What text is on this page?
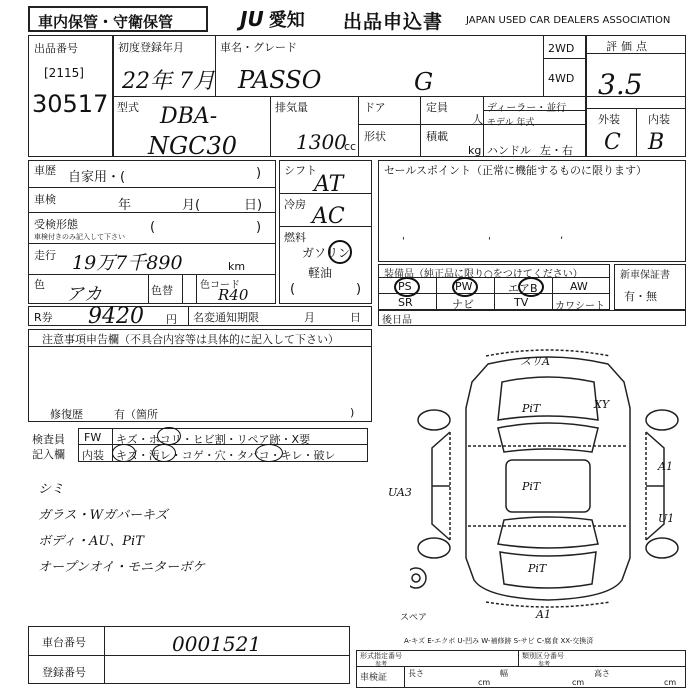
車内保管・守衛保管	JU 愛知 出品申込書 JAPAN USED CAR DEALERS ASSOCIATION
出品番号
[2115]
30517
初度登録年月
22年 7月
車名・グレード
PASSO	G
2WD
4WD
評価点
3.5
型式 DBA-
NGC30
排気量
1300
cc
ドア	定員
人
形状	積載
kg
ディーラー・並行
モデル 年式
ハンドル 左・右
外装	内装
C B
車歴 自家用・(	)
車検	年	月(	日)
受検形態
車検付きのみ記入して下さい
(	)
走行 19万7千890	km
色 アカ	色替	色コード
R40
R券 9420 円 名変通知期限	月	日
シフト
AT
冷房 AC
燃料
ガソリン
軽油
(	)
セールスポイント（正常に機能するものに限ります）
'	'
,
装備品（純正品に限り○をつけてください）
PS	PW	エアB	AW
SR	ナビ	TV	カワシート
新車保証書
有・無
後日品
注意事項申告欄（不具合内容等は具体的に記入して下さい）
修復歴	有（箇所	)
検査員
記入欄
FW キズ・ホコリ・ヒビ割・リペア跡・X要
内装 キズ・汚レ・コゲ・穴・タバコ・キレ・破レ
シミ
ガラス・Wガバーキズ
ボディ・AU、PiT
オープンオイ・モニターボケ
スリA
PiT	XY
PiT
UA3
A1
U1
PiT
A1
スペア
A-キズ E-エクボ U-凹み W-補修跡 S-サビ C-腐食 XX-交換済
車台番号	0001521
登録番号
形式指定番号
参考
類別区分番号
参考
車検証	長さ
cm
幅
cm
高さ
cm
